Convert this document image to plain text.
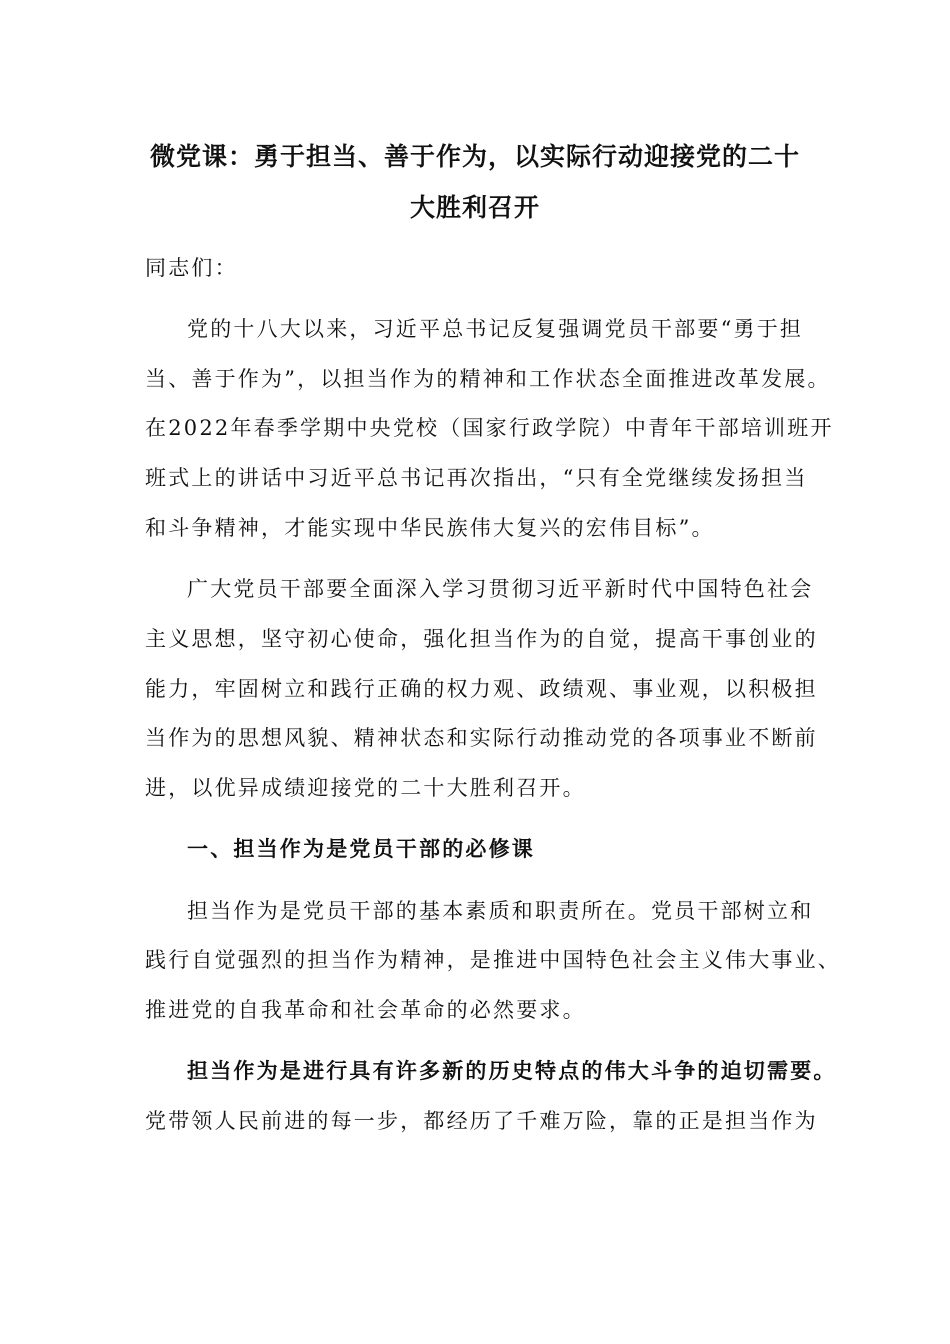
微党课：勇于担当、善于作为，以实际行动迎接党的二十
大胜利召开
同志们：
党的十八大以来，习近平总书记反复强调党员干部要“勇于担
当、善于作为”，以担当作为的精神和工作状态全面推进改革发展。
在2022年春季学期中央党校（国家行政学院）中青年干部培训班开
班式上的讲话中习近平总书记再次指出，“只有全党继续发扬担当
和斗争精神，才能实现中华民族伟大复兴的宏伟目标”。
广大党员干部要全面深入学习贯彻习近平新时代中国特色社会
主义思想，坚守初心使命，强化担当作为的自觉，提高干事创业的
能力，牢固树立和践行正确的权力观、政绩观、事业观，以积极担
当作为的思想风貌、精神状态和实际行动推动党的各项事业不断前
进，以优异成绩迎接党的二十大胜利召开。
一、担当作为是党员干部的必修课
担当作为是党员干部的基本素质和职责所在。党员干部树立和
践行自觉强烈的担当作为精神，是推进中国特色社会主义伟大事业、
推进党的自我革命和社会革命的必然要求。
担当作为是进行具有许多新的历史特点的伟大斗争的迫切需要。
党带领人民前进的每一步，都经历了千难万险，靠的正是担当作为
